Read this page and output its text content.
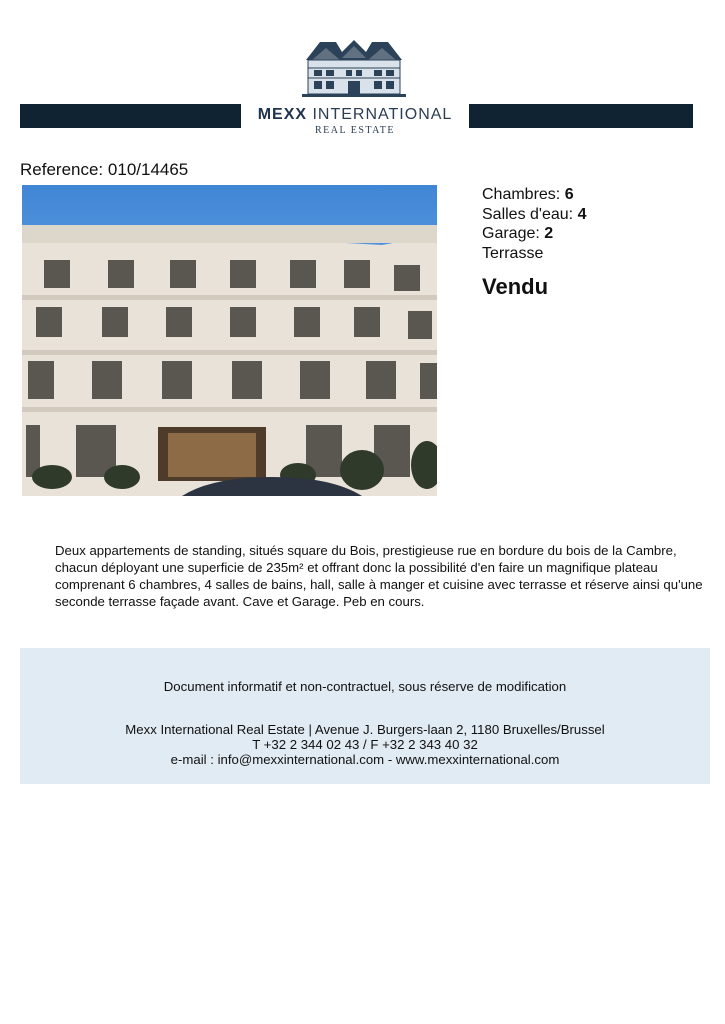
MEXX INTERNATIONAL
REAL ESTATE
Reference: 010/14465
Chambres: 6
Salles d'eau: 4
Garage: 2
Terrasse
Vendu
Deux appartements de standing, situés square du Bois, prestigieuse rue en bordure du bois de la Cambre, chacun déployant une superficie de 235m² et offrant donc la possibilité d'en faire un magnifique plateau comprenant 6 chambres, 4 salles de bains, hall, salle à manger et cuisine avec terrasse et réserve ainsi qu'une seconde terrasse façade avant. Cave et Garage. Peb en cours.
Document informatif et non-contractuel, sous réserve de modification
Mexx International Real Estate | Avenue J. Burgers-laan 2, 1180 Bruxelles/Brussel
T +32 2 344 02 43 / F +32 2 343 40 32
e-mail : info@mexxinternational.com - www.mexxinternational.com
